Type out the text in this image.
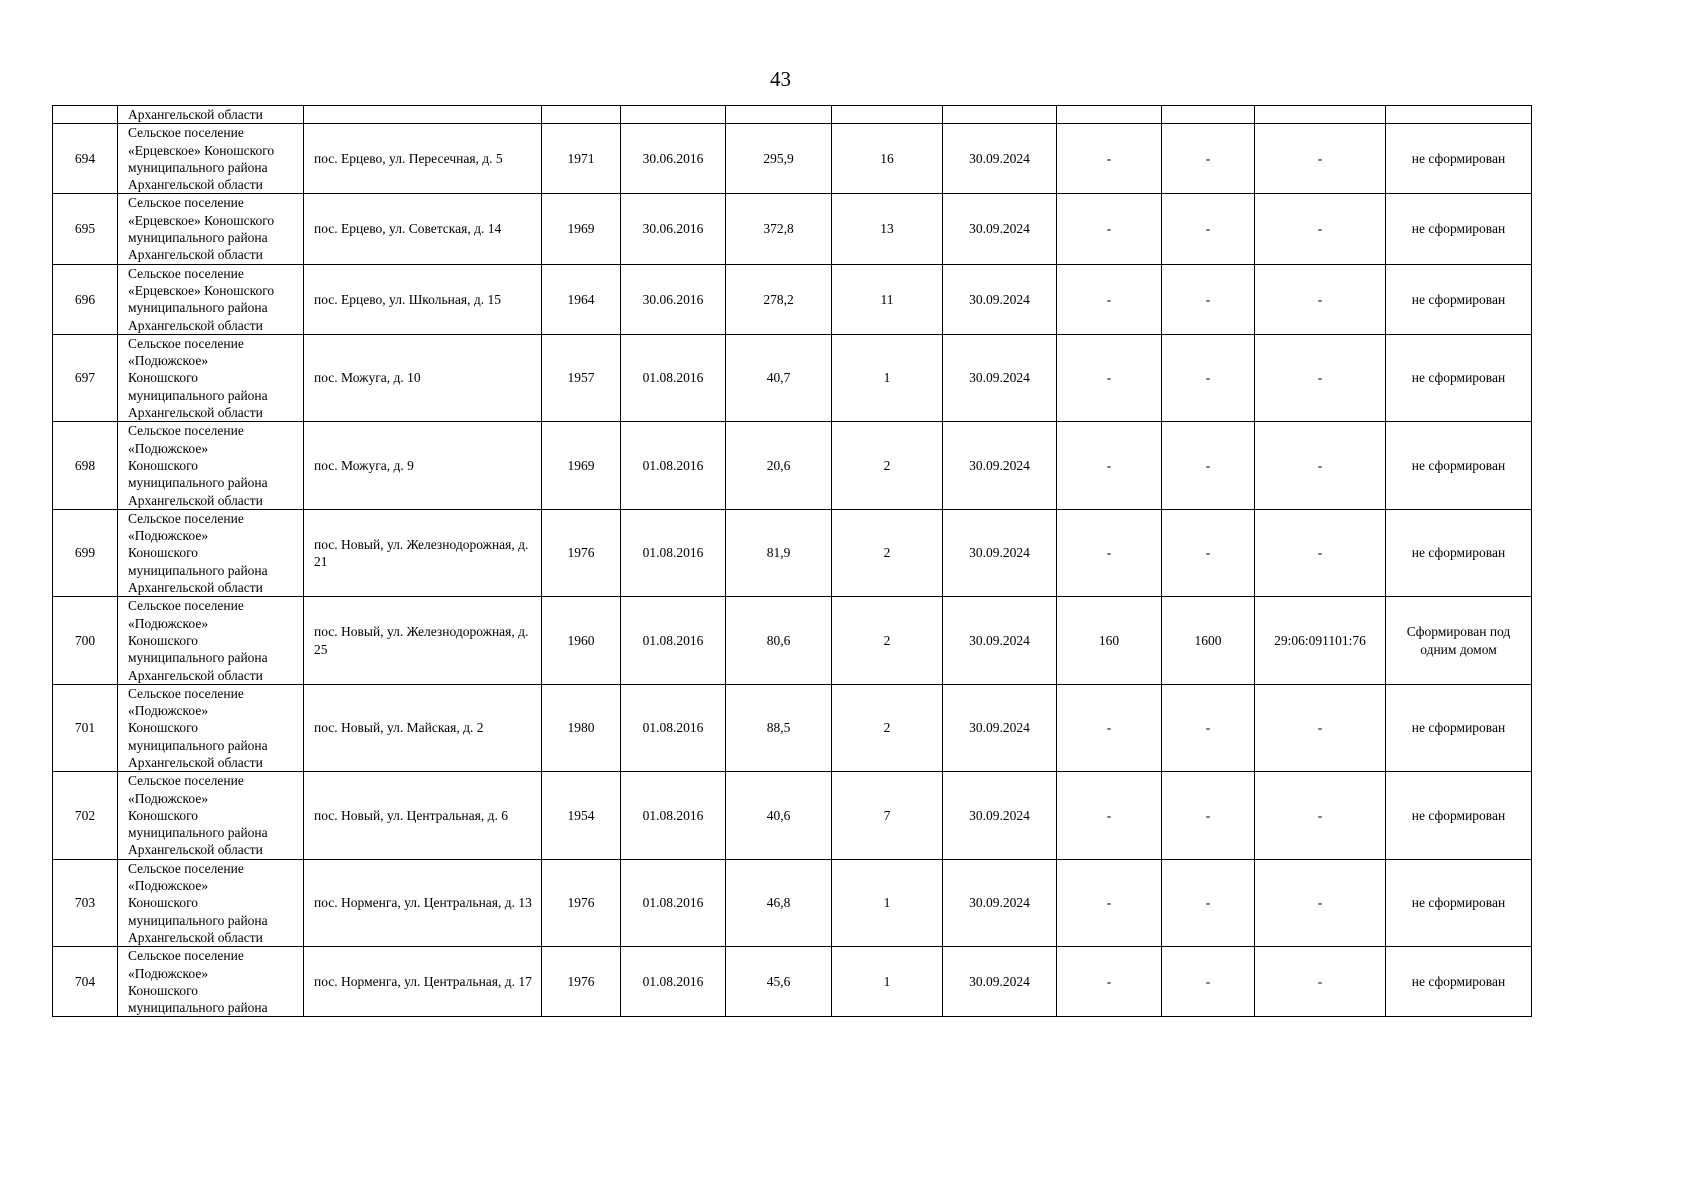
43
	Архангельской области										
694	Сельское поселение
«Ерцевское» Коношского
муниципального района
Архангельской области	пос. Ерцево, ул. Пересечная, д. 5	1971	30.06.2016	295,9	16	30.09.2024	-	-	-	не сформирован
695	Сельское поселение
«Ерцевское» Коношского
муниципального района
Архангельской области	пос. Ерцево, ул. Советская, д. 14	1969	30.06.2016	372,8	13	30.09.2024	-	-	-	не сформирован
696	Сельское поселение
«Ерцевское» Коношского
муниципального района
Архангельской области	пос. Ерцево, ул. Школьная, д. 15	1964	30.06.2016	278,2	11	30.09.2024	-	-	-	не сформирован
697	Сельское поселение
«Подюжское»
Коношского
муниципального района
Архангельской области	пос. Можуга, д. 10	1957	01.08.2016	40,7	1	30.09.2024	-	-	-	не сформирован
698	Сельское поселение
«Подюжское»
Коношского
муниципального района
Архангельской области	пос. Можуга, д. 9	1969	01.08.2016	20,6	2	30.09.2024	-	-	-	не сформирован
699	Сельское поселение
«Подюжское»
Коношского
муниципального района
Архангельской области	пос. Новый, ул. Железнодорожная, д. 21	1976	01.08.2016	81,9	2	30.09.2024	-	-	-	не сформирован
700	Сельское поселение
«Подюжское»
Коношского
муниципального района
Архангельской области	пос. Новый, ул. Железнодорожная, д. 25	1960	01.08.2016	80,6	2	30.09.2024	160	1600	29:06:091101:76	Сформирован под одним домом
701	Сельское поселение
«Подюжское»
Коношского
муниципального района
Архангельской области	пос. Новый, ул. Майская, д. 2	1980	01.08.2016	88,5	2	30.09.2024	-	-	-	не сформирован
702	Сельское поселение
«Подюжское»
Коношского
муниципального района
Архангельской области	пос. Новый, ул. Центральная, д. 6	1954	01.08.2016	40,6	7	30.09.2024	-	-	-	не сформирован
703	Сельское поселение
«Подюжское»
Коношского
муниципального района
Архангельской области	пос. Норменга, ул. Центральная, д. 13	1976	01.08.2016	46,8	1	30.09.2024	-	-	-	не сформирован
704	Сельское поселение
«Подюжское»
Коношского
муниципального района	пос. Норменга, ул. Центральная, д. 17	1976	01.08.2016	45,6	1	30.09.2024	-	-	-	не сформирован
